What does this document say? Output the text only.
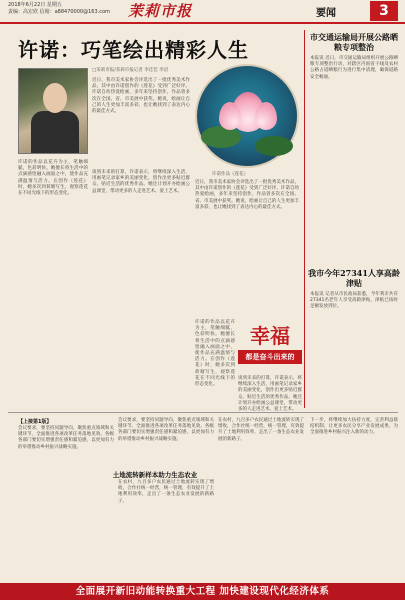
2018年6月22日 星期五
责编：高宏欣 信箱：a88470000@163.com 茉莉市报	要闻	3
许诺：巧笔绘出精彩人生
□茉莉市报/茉莉市报记者 李佳佳 李沼
近日，我市美术家协会评选出了一批优秀美术作品，其中由许诺创作的《莲花》受到广泛好评。许诺自幼热爱绘画，多年来坚持创作，作品曾多次在全国、省、市美展中获奖。她说，绘画让自己的人生更加丰富多彩，也让她找到了表达内心的最佳方式。
许诺作品《莲花》
许诺的作品以花卉为主，笔触细腻，色彩明快。她擅长将生活中的点滴感悟融入画面之中，使作品充满温情与活力。在创作《莲花》时，她多次到荷塘写生，观察莲花在不同光线下的形态变化。
谈到未来的打算，许诺表示，将继续深入生活，用画笔记录家乡的美丽变化，创作出更多贴近群众、贴近生活的优秀作品。她还计划开办绘画公益课堂，带动更多的人走进艺术、爱上艺术。
近日，我市美术家协会评选出了一批优秀美术作品，其中由许诺创作的《莲花》受到广泛好评。许诺自幼热爱绘画，多年来坚持创作，作品曾多次在全国、省、市美展中获奖。她说，绘画让自己的人生更加丰富多彩，也让她找到了表达内心的最佳方式。
幸福
都是奋斗出来的
许诺的作品以花卉为主，笔触细腻，色彩明快。她擅长将生活中的点滴感悟融入画面之中，使作品充满温情与活力。在创作《莲花》时，她多次到荷塘写生，观察莲花在不同光线下的形态变化。
谈到未来的打算，许诺表示，将继续深入生活，用画笔记录家乡的美丽变化，创作出更多贴近群众、贴近生活的优秀作品。她还计划开办绘画公益课堂，带动更多的人走进艺术、爱上艺术。
市交通运输局开展公路晒粮专项整治
本报讯 近日，市交通运输局组织开展公路晒粮专项整治行动，对辖区内国省干线及农村公路占道晒粮行为进行集中清理，确保道路安全畅通。
我市今年27341人享高龄津贴
本报讯 记者从市民政局获悉，今年我市共有27341名老年人享受高龄津贴，津贴已按时足额发放到位。
【上接第1版】
会议要求，要坚持问题导向，聚焦重点领域和关键环节，全面推进各项改革任务落地见效。各级各部门要切实增强责任感和紧迫感，以更加有力的举措推动乡村振兴战略实施。
会议要求，要坚持问题导向，聚焦重点领域和关键环节，全面推进各项改革任务落地见效。各级各部门要切实增强责任感和紧迫感，以更加有力的举措推动乡村振兴战略实施。
土地流转新样本助力生态农业
在农村，九百多户农民通过土地流转实现了增收，合作社统一经营，统一管理，有效提升了土地利用效率，走出了一条生态农业发展的新路子。
在农村，九百多户农民通过土地流转实现了增收，合作社统一经营，统一管理，有效提升了土地利用效率，走出了一条生态农业发展的新路子。
下一步，将继续加大扶持力度，完善利益联结机制，让更多农民分享产业发展成果，为全面推进乡村振兴注入新的动力。
全面展开新旧动能转换重大工程 加快建设现代化经济体系
